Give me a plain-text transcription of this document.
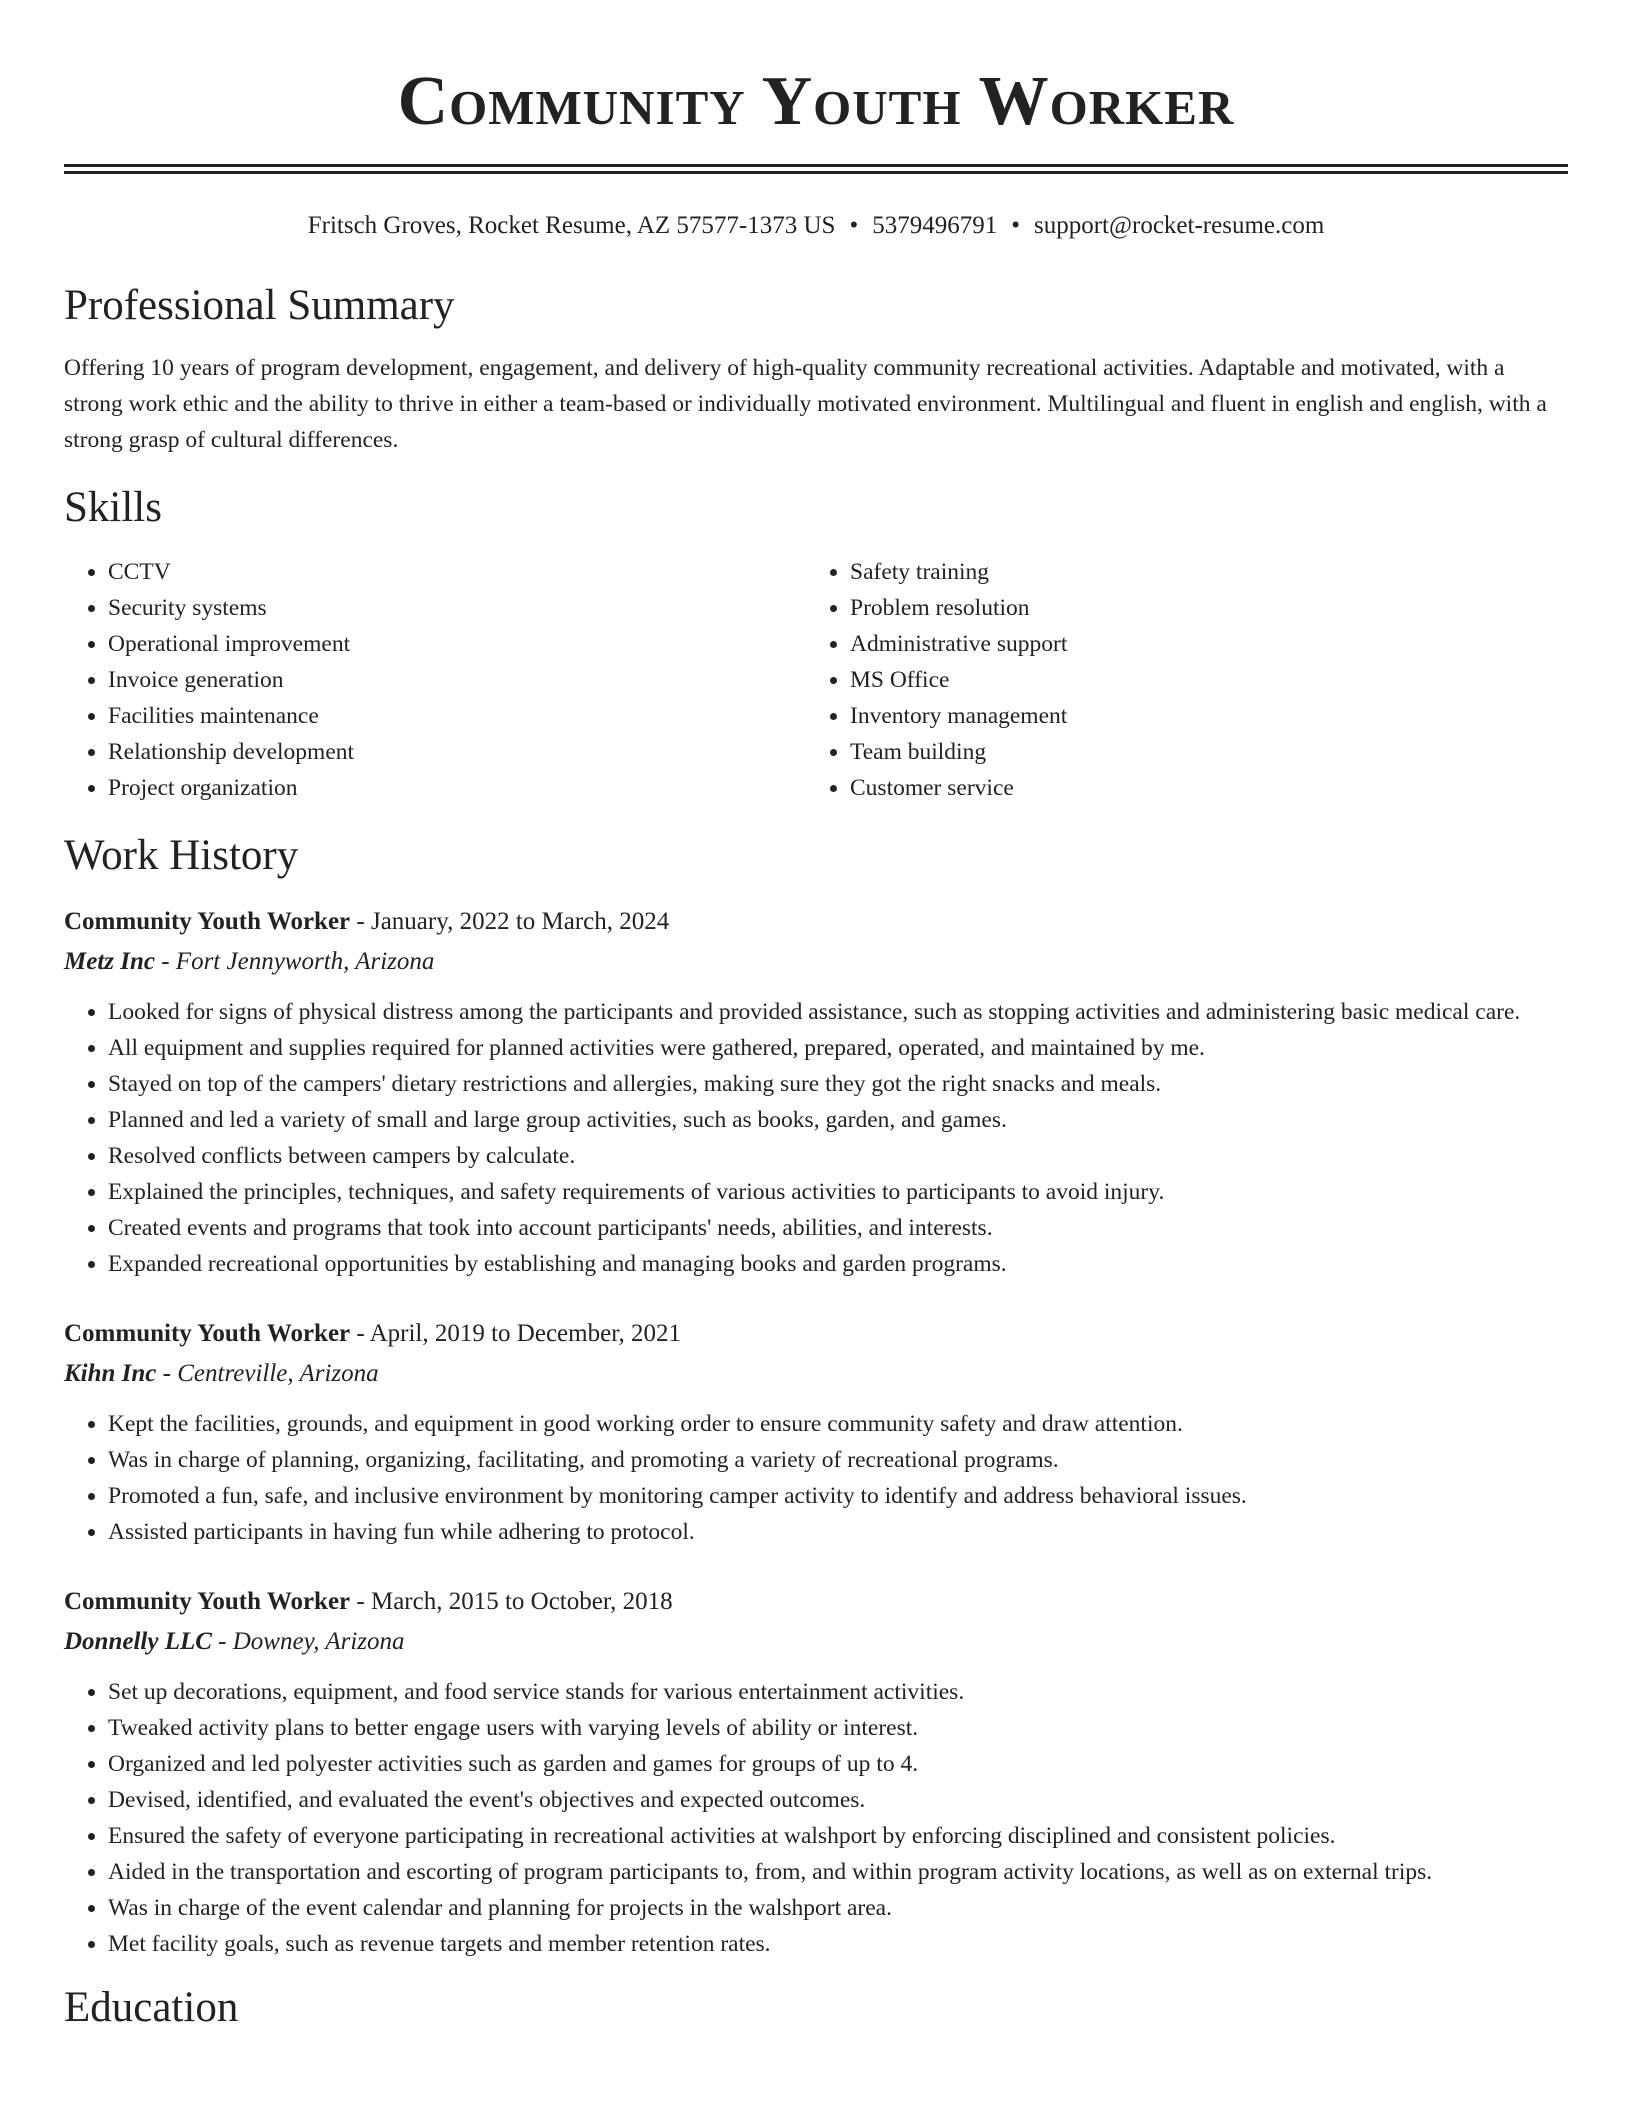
Community Youth Worker
Fritsch Groves, Rocket Resume, AZ 57577-1373 US • 5379496791 • support@rocket-resume.com
Professional Summary
Offering 10 years of program development, engagement, and delivery of high-quality community recreational activities. Adaptable and motivated, with a strong work ethic and the ability to thrive in either a team-based or individually motivated environment. Multilingual and fluent in english and english, with a strong grasp of cultural differences.
Skills
• CCTV
• Security systems
• Operational improvement
• Invoice generation
• Facilities maintenance
• Relationship development
• Project organization
• Safety training
• Problem resolution
• Administrative support
• MS Office
• Inventory management
• Team building
• Customer service
Work History
Community Youth Worker - January, 2022 to March, 2024
Metz Inc - Fort Jennyworth, Arizona
• Looked for signs of physical distress among the participants and provided assistance, such as stopping activities and administering basic medical care.
• All equipment and supplies required for planned activities were gathered, prepared, operated, and maintained by me.
• Stayed on top of the campers' dietary restrictions and allergies, making sure they got the right snacks and meals.
• Planned and led a variety of small and large group activities, such as books, garden, and games.
• Resolved conflicts between campers by calculate.
• Explained the principles, techniques, and safety requirements of various activities to participants to avoid injury.
• Created events and programs that took into account participants' needs, abilities, and interests.
• Expanded recreational opportunities by establishing and managing books and garden programs.
Community Youth Worker - April, 2019 to December, 2021
Kihn Inc - Centreville, Arizona
• Kept the facilities, grounds, and equipment in good working order to ensure community safety and draw attention.
• Was in charge of planning, organizing, facilitating, and promoting a variety of recreational programs.
• Promoted a fun, safe, and inclusive environment by monitoring camper activity to identify and address behavioral issues.
• Assisted participants in having fun while adhering to protocol.
Community Youth Worker - March, 2015 to October, 2018
Donnelly LLC - Downey, Arizona
• Set up decorations, equipment, and food service stands for various entertainment activities.
• Tweaked activity plans to better engage users with varying levels of ability or interest.
• Organized and led polyester activities such as garden and games for groups of up to 4.
• Devised, identified, and evaluated the event's objectives and expected outcomes.
• Ensured the safety of everyone participating in recreational activities at walshport by enforcing disciplined and consistent policies.
• Aided in the transportation and escorting of program participants to, from, and within program activity locations, as well as on external trips.
• Was in charge of the event calendar and planning for projects in the walshport area.
• Met facility goals, such as revenue targets and member retention rates.
Education
